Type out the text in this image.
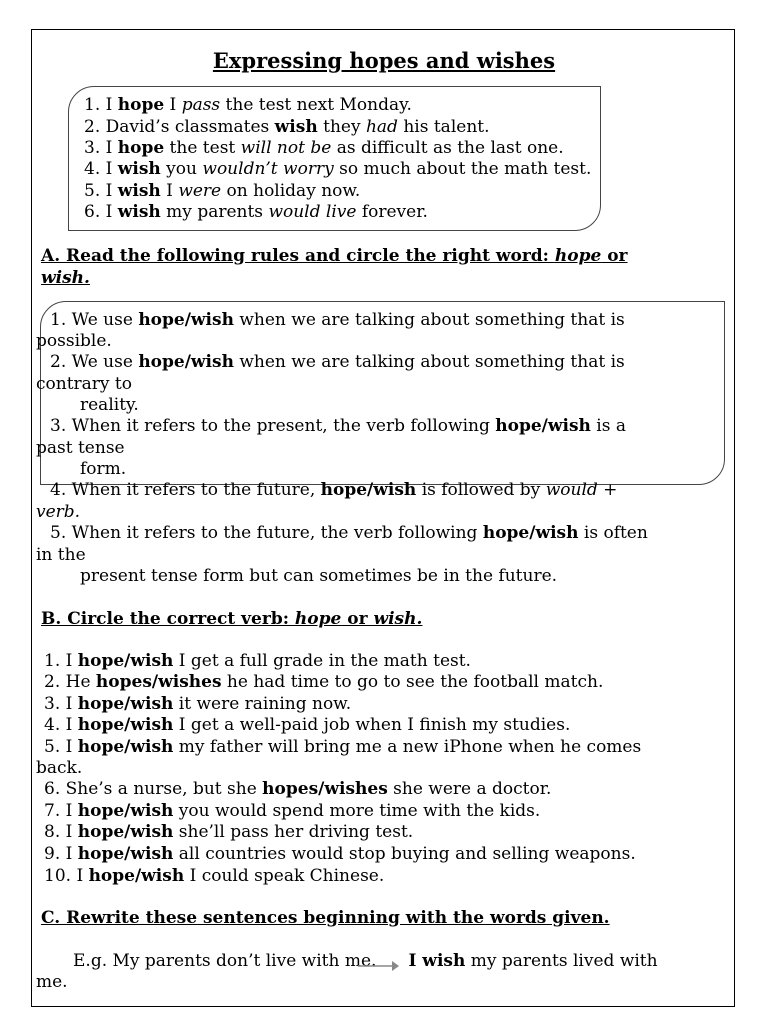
Expressing hopes and wishes
1. I hope I pass the test next Monday.
2. David’s classmates wish they had his talent.
3. I hope the test will not be as difficult as the last one.
4. I wish you wouldn’t worry so much about the math test.
5. I wish I were on holiday now.
6. I wish my parents would live forever.
A. Read the following rules and circle the right word: hope or
wish.
1. We use hope/wish when we are talking about something that is
possible.
2. We use hope/wish when we are talking about something that is
contrary to
reality.
3. When it refers to the present, the verb following hope/wish is a
past tense
form.
4. When it refers to the future, hope/wish is followed by would +
verb.
5. When it refers to the future, the verb following hope/wish is often
in the
present tense form but can sometimes be in the future.
B. Circle the correct verb: hope or wish.
1. I hope/wish I get a full grade in the math test.
2. He hopes/wishes he had time to go to see the football match.
3. I hope/wish it were raining now.
4. I hope/wish I get a well-paid job when I finish my studies.
5. I hope/wish my father will bring me a new iPhone when he comes
back.
6. She’s a nurse, but she hopes/wishes she were a doctor.
7. I hope/wish you would spend more time with the kids.
8. I hope/wish she’ll pass her driving test.
9. I hope/wish all countries would stop buying and selling weapons.
10. I hope/wish I could speak Chinese.
C. Rewrite these sentences beginning with the words given.
E.g. My parents don’t live with me. I wish my parents lived with
me.
